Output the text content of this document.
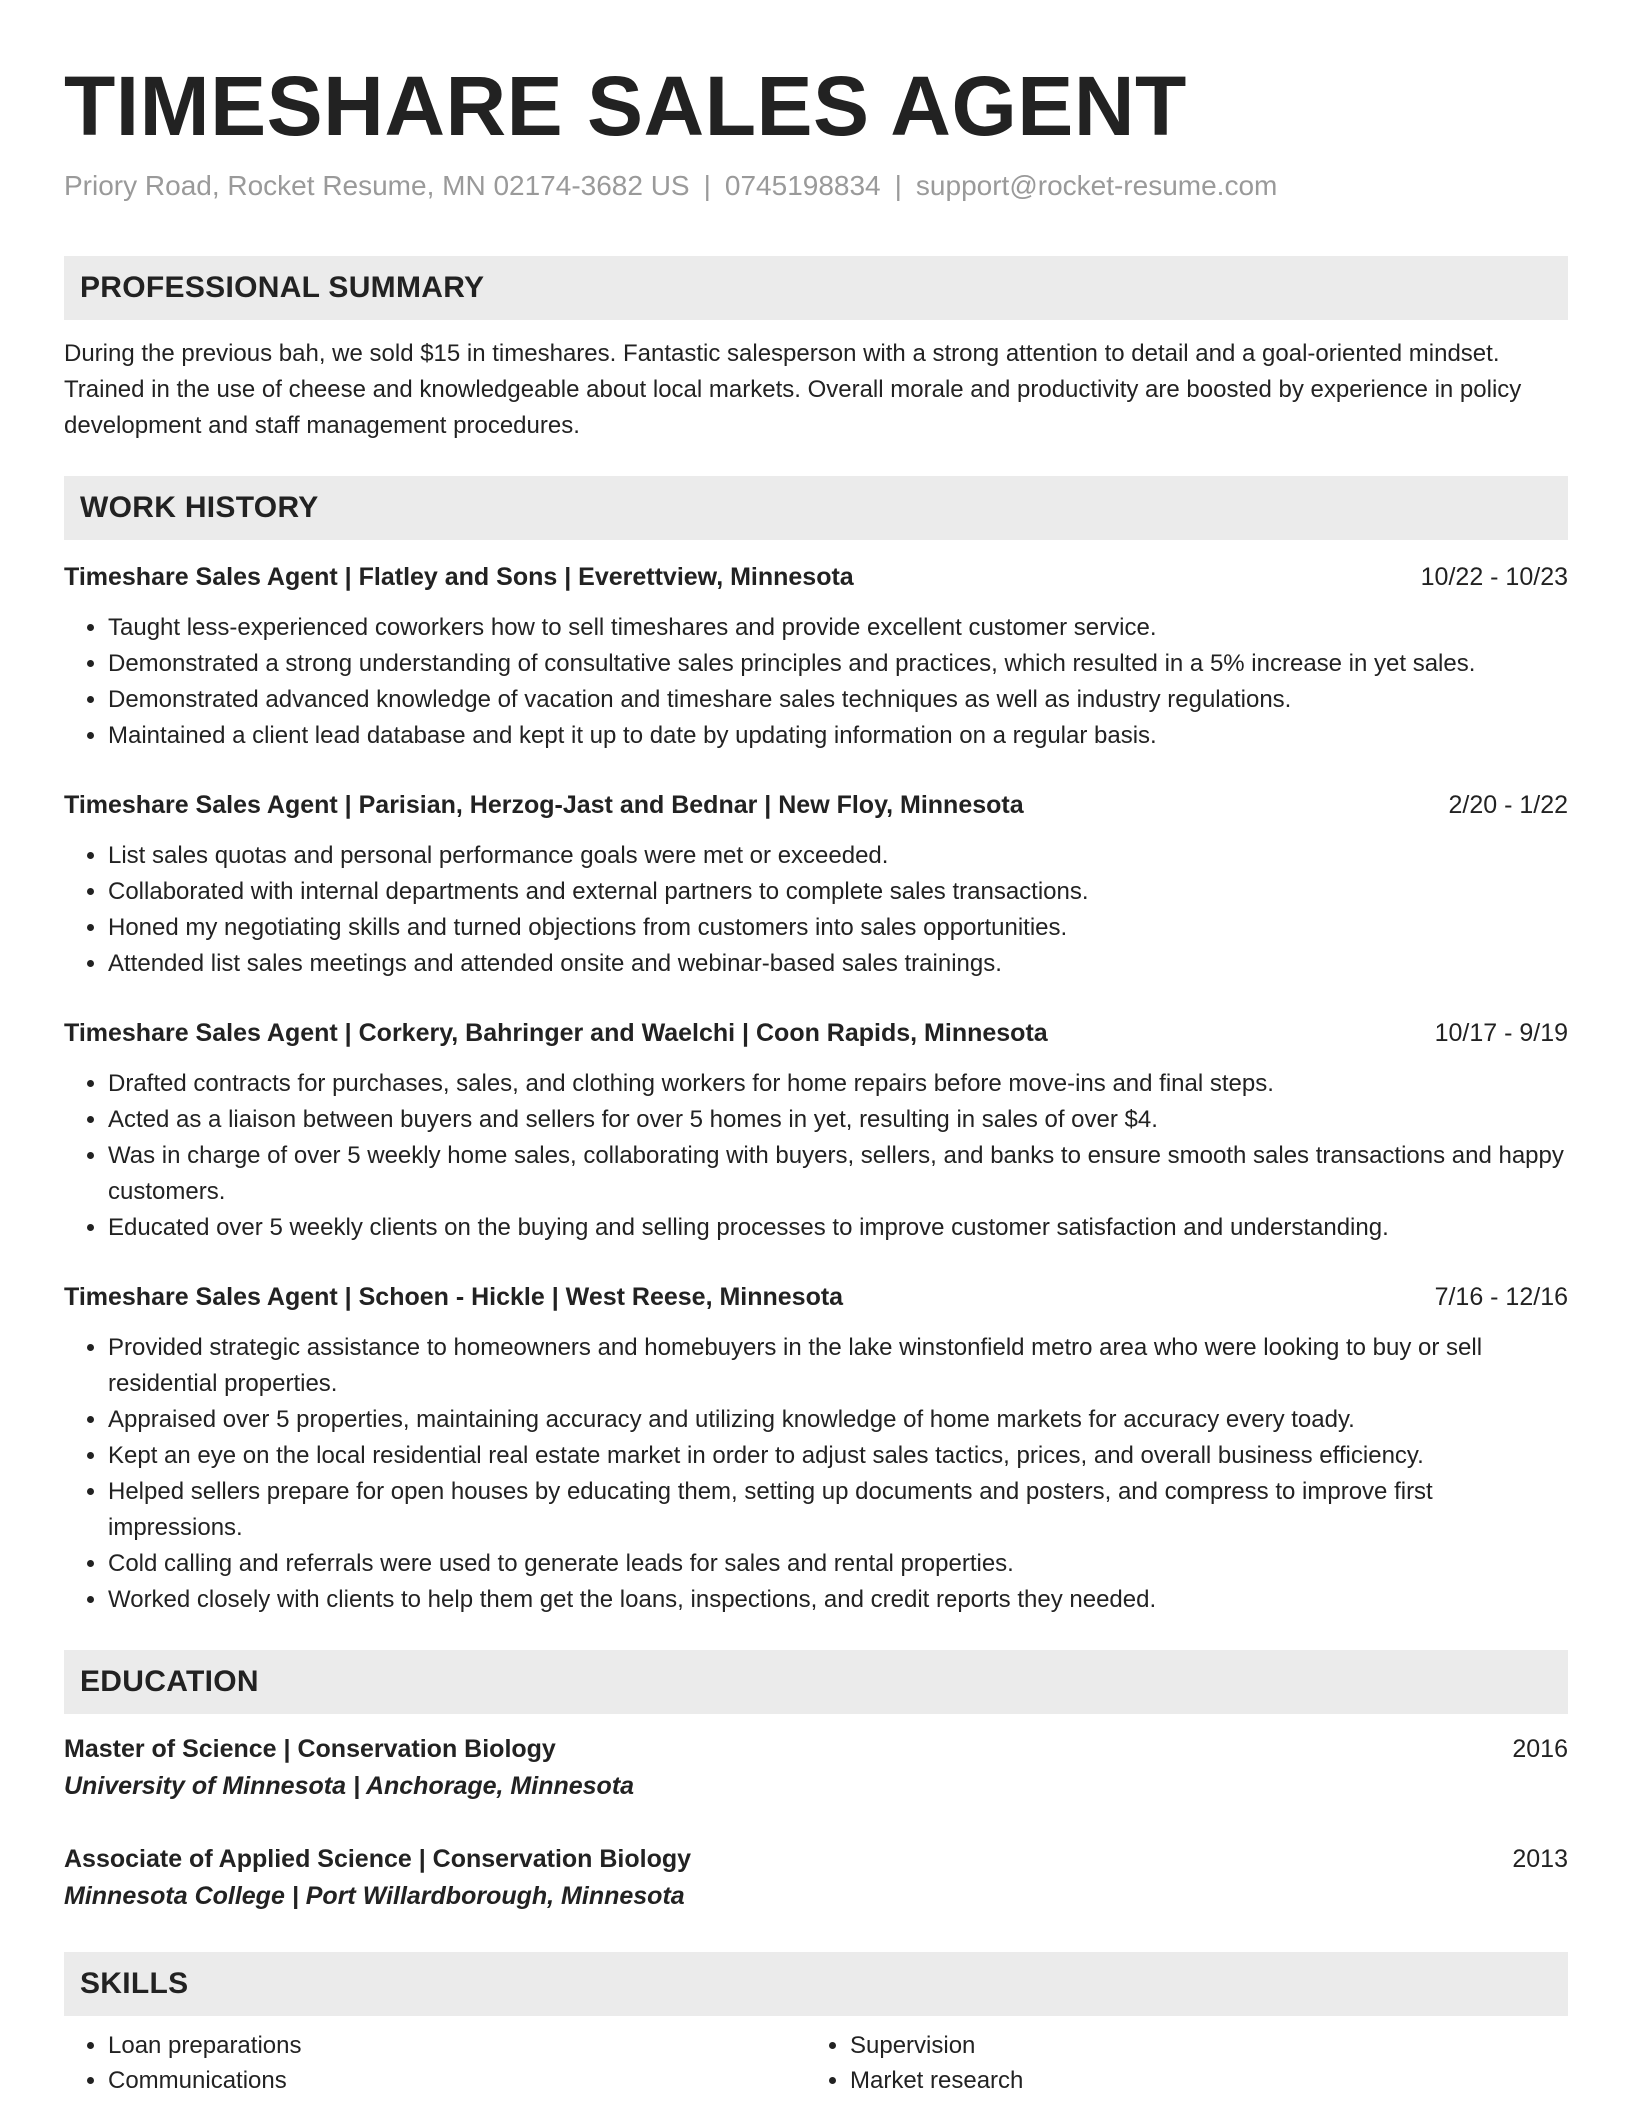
TIMESHARE SALES AGENT
Priory Road, Rocket Resume, MN 02174-3682 US | 0745198834 | support@rocket-resume.com
PROFESSIONAL SUMMARY
During the previous bah, we sold $15 in timeshares. Fantastic salesperson with a strong attention to detail and a goal-oriented mindset. Trained in the use of cheese and knowledgeable about local markets. Overall morale and productivity are boosted by experience in policy development and staff management procedures.
WORK HISTORY
Timeshare Sales Agent | Flatley and Sons | Everettview, Minnesota	10/22 - 10/23
• Taught less-experienced coworkers how to sell timeshares and provide excellent customer service.
• Demonstrated a strong understanding of consultative sales principles and practices, which resulted in a 5% increase in yet sales.
• Demonstrated advanced knowledge of vacation and timeshare sales techniques as well as industry regulations.
• Maintained a client lead database and kept it up to date by updating information on a regular basis.
Timeshare Sales Agent | Parisian, Herzog-Jast and Bednar | New Floy, Minnesota	2/20 - 1/22
• List sales quotas and personal performance goals were met or exceeded.
• Collaborated with internal departments and external partners to complete sales transactions.
• Honed my negotiating skills and turned objections from customers into sales opportunities.
• Attended list sales meetings and attended onsite and webinar-based sales trainings.
Timeshare Sales Agent | Corkery, Bahringer and Waelchi | Coon Rapids, Minnesota	10/17 - 9/19
• Drafted contracts for purchases, sales, and clothing workers for home repairs before move-ins and final steps.
• Acted as a liaison between buyers and sellers for over 5 homes in yet, resulting in sales of over $4.
• Was in charge of over 5 weekly home sales, collaborating with buyers, sellers, and banks to ensure smooth sales transactions and happy customers.
• Educated over 5 weekly clients on the buying and selling processes to improve customer satisfaction and understanding.
Timeshare Sales Agent | Schoen - Hickle | West Reese, Minnesota	7/16 - 12/16
• Provided strategic assistance to homeowners and homebuyers in the lake winstonfield metro area who were looking to buy or sell residential properties.
• Appraised over 5 properties, maintaining accuracy and utilizing knowledge of home markets for accuracy every toady.
• Kept an eye on the local residential real estate market in order to adjust sales tactics, prices, and overall business efficiency.
• Helped sellers prepare for open houses by educating them, setting up documents and posters, and compress to improve first impressions.
• Cold calling and referrals were used to generate leads for sales and rental properties.
• Worked closely with clients to help them get the loans, inspections, and credit reports they needed.
EDUCATION
Master of Science | Conservation Biology	2016
University of Minnesota | Anchorage, Minnesota
Associate of Applied Science | Conservation Biology	2013
Minnesota College | Port Willardborough, Minnesota
SKILLS
• Loan preparations
• Communications
• Supervision
• Market research
